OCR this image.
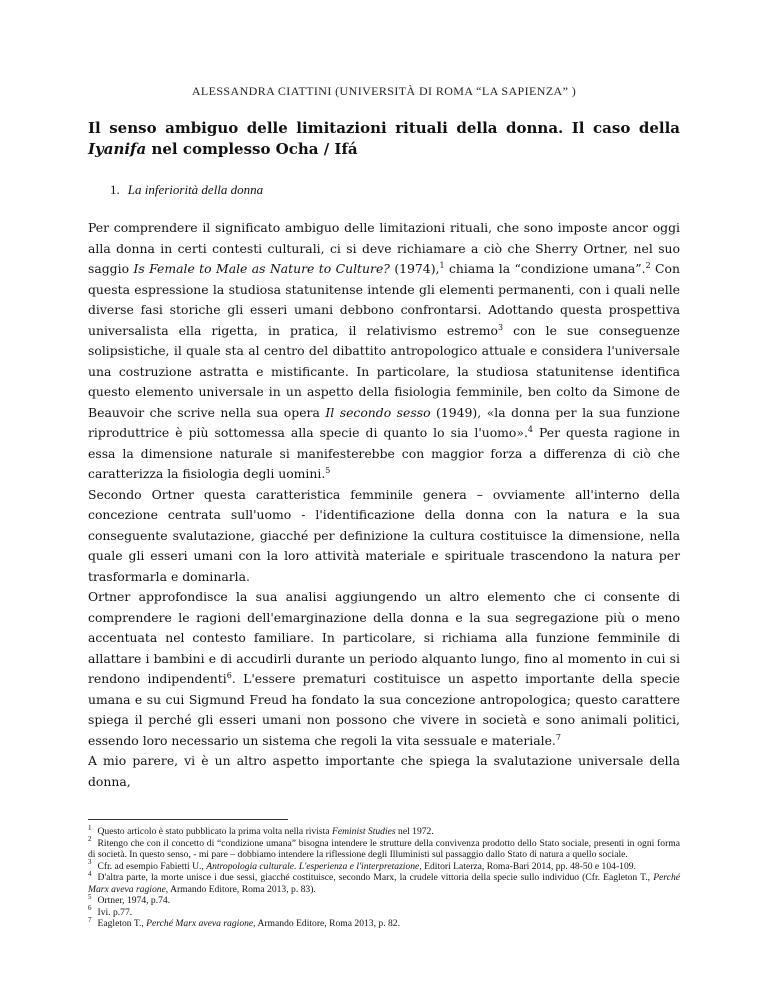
ALESSANDRA CIATTINI (UNIVERSITÀ DI ROMA “LA SAPIENZA” )
Il senso ambiguo delle limitazioni rituali della donna. Il caso della Iyanifa nel complesso Ocha / Ifá
1. La inferiorità della donna

Per comprendere il significato ambiguo delle limitazioni rituali, che sono imposte ancor oggi alla donna in certi contesti culturali, ci si deve richiamare a ciò che Sherry Ortner, nel suo saggio Is Female to Male as Nature to Culture? (1974),$^1$ chiama la “condizione umana”.$^2$ Con questa espressione la studiosa statunitense intende gli elementi permanenti, con i quali nelle diverse fasi storiche gli esseri umani debbono confrontarsi. Adottando questa prospettiva universalista ella rigetta, in pratica, il relativismo estremo$^3$ con le sue conseguenze solipsistiche, il quale sta al centro del dibattito antropologico attuale e considera l'universale una costruzione astratta e mistificante. In particolare, la studiosa statunitense identifica questo elemento universale in un aspetto della fisiologia femminile, ben colto da Simone de Beauvoir che scrive nella sua opera Il secondo sesso (1949), «la donna per la sua funzione riproduttrice è più sottomessa alla specie di quanto lo sia l'uomo».$^4$ Per questa ragione in essa la dimensione naturale si manifesterebbe con maggior forza a differenza di ciò che caratterizza la fisiologia degli uomini.$^5$

Secondo Ortner questa caratteristica femminile genera – ovviamente all'interno della concezione centrata sull'uomo - l'identificazione della donna con la natura e la sua conseguente svalutazione, giacché per definizione la cultura costituisce la dimensione, nella quale gli esseri umani con la loro attività materiale e spirituale trascendono la natura per trasformarla e dominarla.

Ortner approfondisce la sua analisi aggiungendo un altro elemento che ci consente di comprendere le ragioni dell'emarginazione della donna e la sua segregazione più o meno accentuata nel contesto familiare. In particolare, si richiama alla funzione femminile di allattare i bambini e di accudirli durante un periodo alquanto lungo, fino al momento in cui si rendono indipendenti$^6$. L'essere prematuri costituisce un aspetto importante della specie umana e su cui Sigmund Freud ha fondato la sua concezione antropologica; questo carattere spiega il perché gli esseri umani non possono che vivere in società e sono animali politici, essendo loro necessario un sistema che regoli la vita sessuale e materiale.$^7$

A mio parere, vi è un altro aspetto importante che spiega la svalutazione universale della donna,

$^1$ Questo articolo è stato pubblicato la prima volta nella rivista Feminist Studies nel 1972.

$^2$ Ritengo che con il concetto di “condizione umana” bisogna intendere le strutture della convivenza prodotto dello Stato sociale, presenti in ogni forma di società. In questo senso, - mi pare – dobbiamo intendere la riflessione degli Illuministi sul passaggio dallo Stato di natura a quello sociale.

$^3$ Cfr. ad esempio Fabietti U., Antropologia culturale. L'esperienza e l'interpretazione, Editori Laterza, Roma-Bari 2014, pp. 48-50 e 104-109.

$^4$ D'altra parte, la morte unisce i due sessi, giacché costituisce, secondo Marx, la crudele vittoria della specie sullo individuo (Cfr. Eagleton T., Perché Marx aveva ragione, Armando Editore, Roma 2013, p. 83).

$^5$ Ortner, 1974, p.74.

$^6$ Ivi. p.77.

$^7$ Eagleton T., Perché Marx aveva ragione, Armando Editore, Roma 2013, p. 82.
